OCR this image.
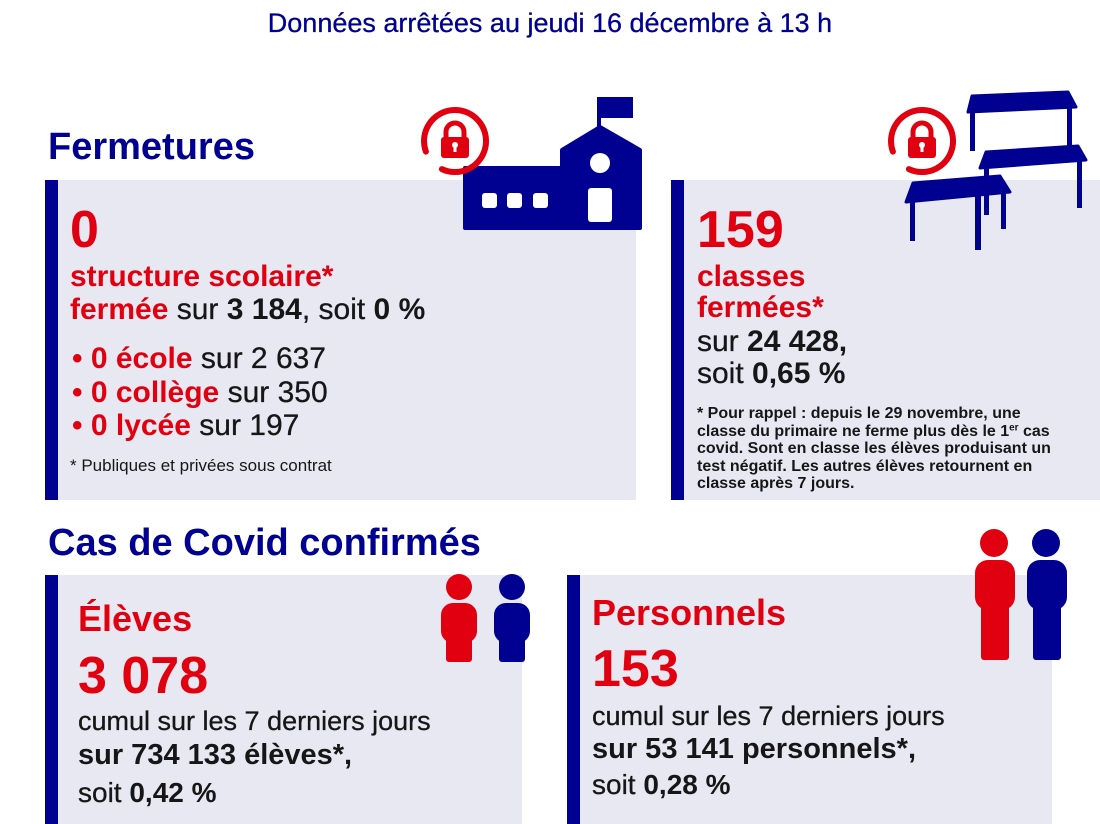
Données arrêtées au jeudi 16 décembre à 13 h
Fermetures
0
structure scolaire*
fermée sur 3 184, soit 0 %
• 0 école sur 2 637
• 0 collège sur 350
• 0 lycée sur 197
* Publiques et privées sous contrat
159
classes
fermées*
sur 24 428,
soit 0,65 %
* Pour rappel : depuis le 29 novembre, une
classe du primaire ne ferme plus dès le 1er cas
covid. Sont en classe les élèves produisant un
test négatif. Les autres élèves retournent en
classe après 7 jours.
Cas de Covid confirmés
Élèves
3 078
cumul sur les 7 derniers jours
sur 734 133 élèves*,
soit 0,42 %
Personnels
153
cumul sur les 7 derniers jours
sur 53 141 personnels*,
soit 0,28 %
